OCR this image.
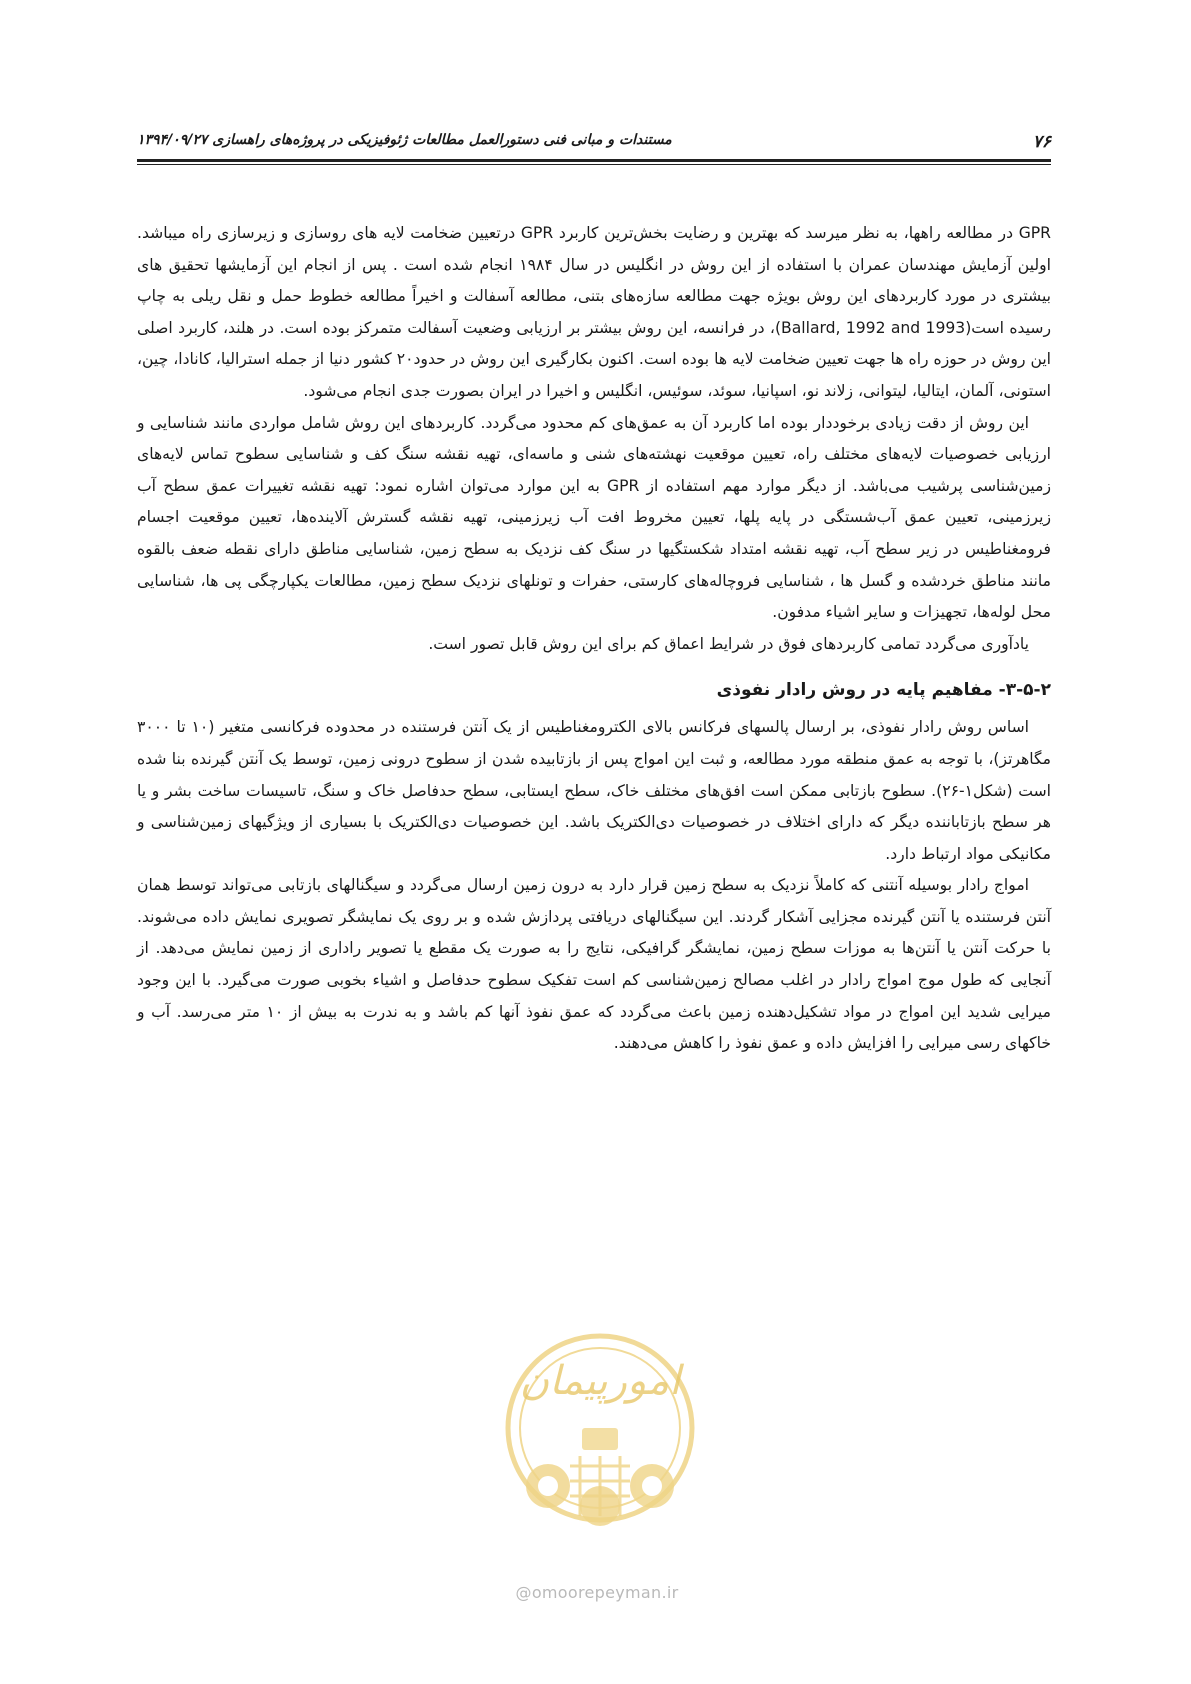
۷۶
مستندات و مبانی فنی دستورالعمل مطالعات ژئوفیزیکی در پروژه‌های راهسازی ۱۳۹۴/۰۹/۲۷

GPR در مطالعه راهها، به نظر میرسد که بهترین و رضایت بخش‌ترین کاربرد GPR درتعیین ضخامت لایه های روسازی و زیرسازی راه میباشد. اولین آزمایش مهندسان عمران با استفاده از این روش در انگلیس در سال ۱۹۸۴ انجام شده است . پس از انجام این آزمایشها تحقیق های بیشتری در مورد کاربردهای این روش بویژه جهت مطالعه سازه‌های بتنی، مطالعه آسفالت و اخیراً مطالعه خطوط حمل و نقل ریلی به چاپ رسیده است(Ballard, 1992 and 1993)، در فرانسه، این روش بیشتر بر ارزیابی وضعیت آسفالت متمرکز بوده است. در هلند، کاربرد اصلی این روش در حوزه راه ها جهت تعیین ضخامت لایه ها بوده است. اکنون بکارگیری این روش در حدود۲۰ کشور دنیا از جمله استرالیا، کانادا، چین، استونی، آلمان، ایتالیا، لیتوانی، زلاند نو، اسپانیا، سوئد، سوئیس، انگلیس و اخیرا در ایران بصورت جدی انجام می‌شود.

این روش از دقت زیادی برخوددار بوده اما کاربرد آن به عمق‌های کم محدود می‌گردد. کاربردهای این روش شامل مواردی مانند شناسایی و ارزیابی خصوصیات لایه‌های مختلف راه، تعیین موقعیت نهشته‌های شنی و ماسه‌ای، تهیه نقشه سنگ کف و شناسایی سطوح تماس لایه‌های زمین‌شناسی پرشیب می‌باشد. از دیگر موارد مهم استفاده از GPR به این موارد می‌توان اشاره نمود: تهیه نقشه تغییرات عمق سطح آب زیرزمینی، تعیین عمق آب‌شستگی در پایه پلها، تعیین مخروط افت آب زیرزمینی، تهیه نقشه گسترش آلاینده‌ها، تعیین موقعیت اجسام فرومغناطیس در زیر سطح آب، تهیه نقشه امتداد شکستگیها در سنگ کف نزدیک به سطح زمین، شناسایی مناطق دارای نقطه ضعف بالقوه مانند مناطق خردشده و گسل ها ، شناسایی فروچاله‌های کارستی، حفرات و تونلهای نزدیک سطح زمین، مطالعات یکپارچگی پی ها، شناسایی محل لوله‌ها، تجهیزات و سایر اشیاء مدفون.

یادآوری می‌گردد تمامی کاربردهای فوق در شرایط اعماق کم برای این روش قابل تصور است.

۳-۵-۲- مفاهیم پایه در روش رادار نفوذی

اساس روش رادار نفوذی، بر ارسال پالسهای فرکانس بالای الکترومغناطیس از یک آنتن فرستنده در محدوده فرکانسی متغیر (۱۰ تا ۳۰۰۰ مگاهرتز)، با توجه به عمق منطقه مورد مطالعه، و ثبت این امواج پس از بازتابیده شدن از سطوح درونی زمین، توسط یک آنتن گیرنده بنا شده است (شکل۱-۲۶). سطوح بازتابی ممکن است افق‌های مختلف خاک، سطح ایستابی، سطح حدفاصل خاک و سنگ، تاسیسات ساخت بشر و یا هر سطح بازتاباننده دیگر که دارای اختلاف در خصوصیات دی‌الکتریک باشد. این خصوصیات دی‌الکتریک با بسیاری از ویژگیهای زمین‌شناسی و مکانیکی مواد ارتباط دارد.

امواج رادار بوسیله آنتنی که کاملاً نزدیک به سطح زمین قرار دارد به درون زمین ارسال می‌گردد و سیگنالهای بازتابی می‌تواند توسط همان آنتن فرستنده یا آنتن گیرنده مجزایی آشکار گردند. این سیگنالهای دریافتی پردازش شده و بر روی یک نمایشگر تصویری نمایش داده می‌شوند. با حرکت آنتن یا آنتن‌ها به موزات سطح زمین، نمایشگر گرافیکی، نتایج را به صورت یک مقطع یا تصویر راداری از زمین نمایش می‌دهد. از آنجایی که طول موج امواج رادار در اغلب مصالح زمین‌شناسی کم است تفکیک سطوح حدفاصل و اشیاء بخوبی صورت می‌گیرد. با این وجود میرایی شدید این امواج در مواد تشکیل‌دهنده زمین باعث می‌گردد که عمق نفوذ آنها کم باشد و به ندرت به بیش از ۱۰ متر می‌رسد. آب و خاکهای رسی میرایی را افزایش داده و عمق نفوذ را کاهش می‌دهند.

امورپیمان
@omoorepeyman.ir
